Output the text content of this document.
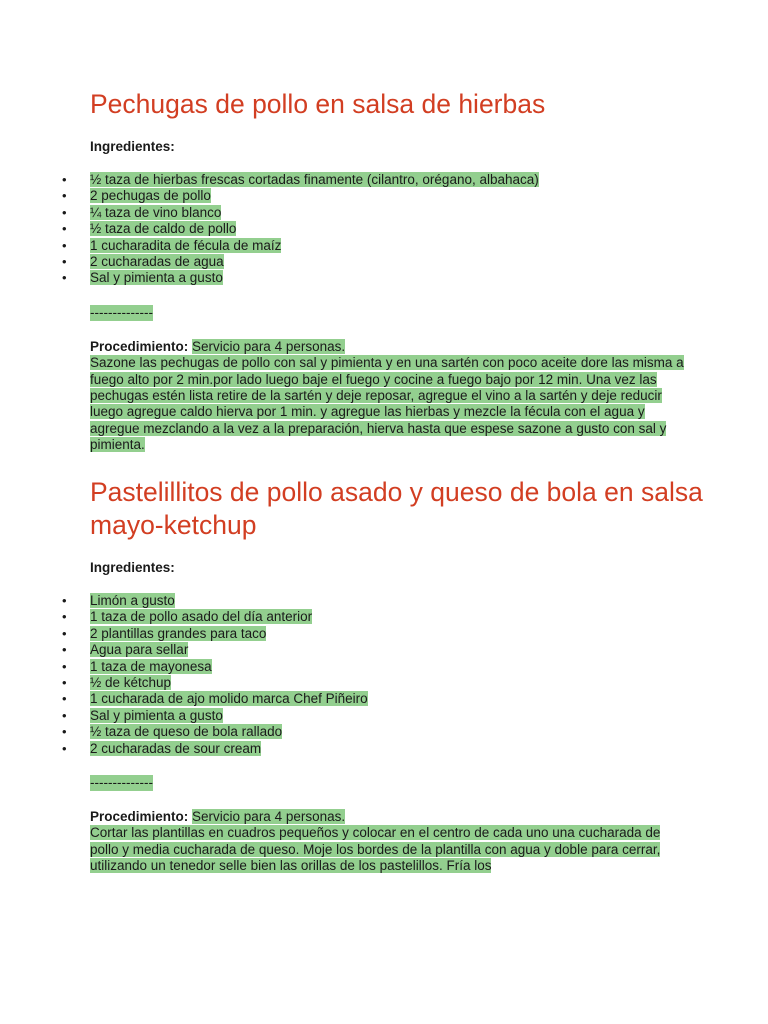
Pechugas de pollo en salsa de hierbas
Ingredientes:
• ½ taza de hierbas frescas cortadas finamente (cilantro, orégano, albahaca)
• 2 pechugas de pollo
• ¼ taza de vino blanco
• ½ taza de caldo de pollo
• 1 cucharadita de fécula de maíz
• 2 cucharadas de agua
• Sal y pimienta a gusto
--------------
Procedimiento: Servicio para 4 personas.
Sazone las pechugas de pollo con sal y pimienta y en una sartén con poco aceite dore las misma a fuego alto por 2 min.por lado luego baje el fuego y cocine a fuego bajo por 12 min. Una vez las pechugas estén lista retire de la sartén y deje reposar, agregue el vino a la sartén y deje reducir luego agregue caldo hierva por 1 min. y agregue las hierbas y mezcle la fécula con el agua y agregue mezclando a la vez a la preparación, hierva hasta que espese sazone a gusto con sal y pimienta.
Pastelillitos de pollo asado y queso de bola en salsa mayo-ketchup
Ingredientes:
• Limón a gusto
• 1 taza de pollo asado del día anterior
• 2 plantillas grandes para taco
• Agua para sellar
• 1 taza de mayonesa
• ½ de kétchup
• 1 cucharada de ajo molido marca Chef Piñeiro
• Sal y pimienta a gusto
• ½ taza de queso de bola rallado
• 2 cucharadas de sour cream
--------------
Procedimiento: Servicio para 4 personas.
Cortar las plantillas en cuadros pequeños y colocar en el centro de cada uno una cucharada de pollo y media cucharada de queso. Moje los bordes de la plantilla con agua y doble para cerrar, utilizando un tenedor selle bien las orillas de los pastelillos. Fría los
